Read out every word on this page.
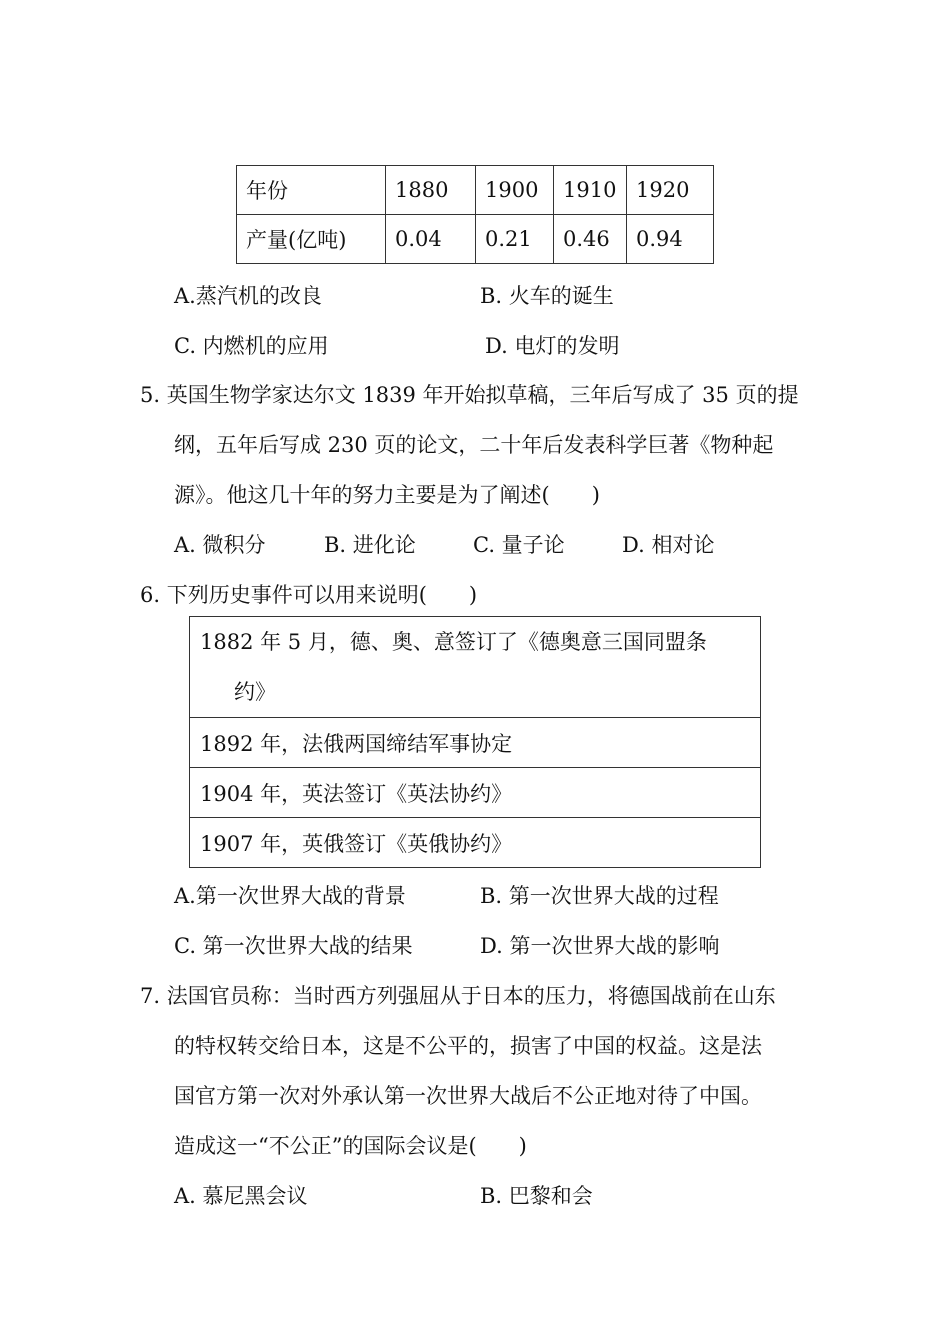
年份	1880	1900	1910	1920
产量(亿吨)	0.04	0.21	0.46	0.94
A.蒸汽机的改良	B. 火车的诞生
C. 内燃机的应用	D. 电灯的发明
5. 英国生物学家达尔文 1839 年开始拟草稿，三年后写成了 35 页的提
纲，五年后写成 230 页的论文，二十年后发表科学巨著《物种起
源》。他这几十年的努力主要是为了阐述(　　)
A. 微积分	B. 进化论	C. 量子论	D. 相对论
6. 下列历史事件可以用来说明(　　)
1882 年 5 月，德、奥、意签订了《德奥意三国同盟条
约》

1892 年，法俄两国缔结军事协定
1904 年，英法签订《英法协约》
1907 年，英俄签订《英俄协约》
A.第一次世界大战的背景	B. 第一次世界大战的过程
C. 第一次世界大战的结果	D. 第一次世界大战的影响
7. 法国官员称：当时西方列强屈从于日本的压力，将德国战前在山东
的特权转交给日本，这是不公平的，损害了中国的权益。这是法
国官方第一次对外承认第一次世界大战后不公正地对待了中国。
造成这一“不公正”的国际会议是(　　)
A. 慕尼黑会议	B. 巴黎和会
